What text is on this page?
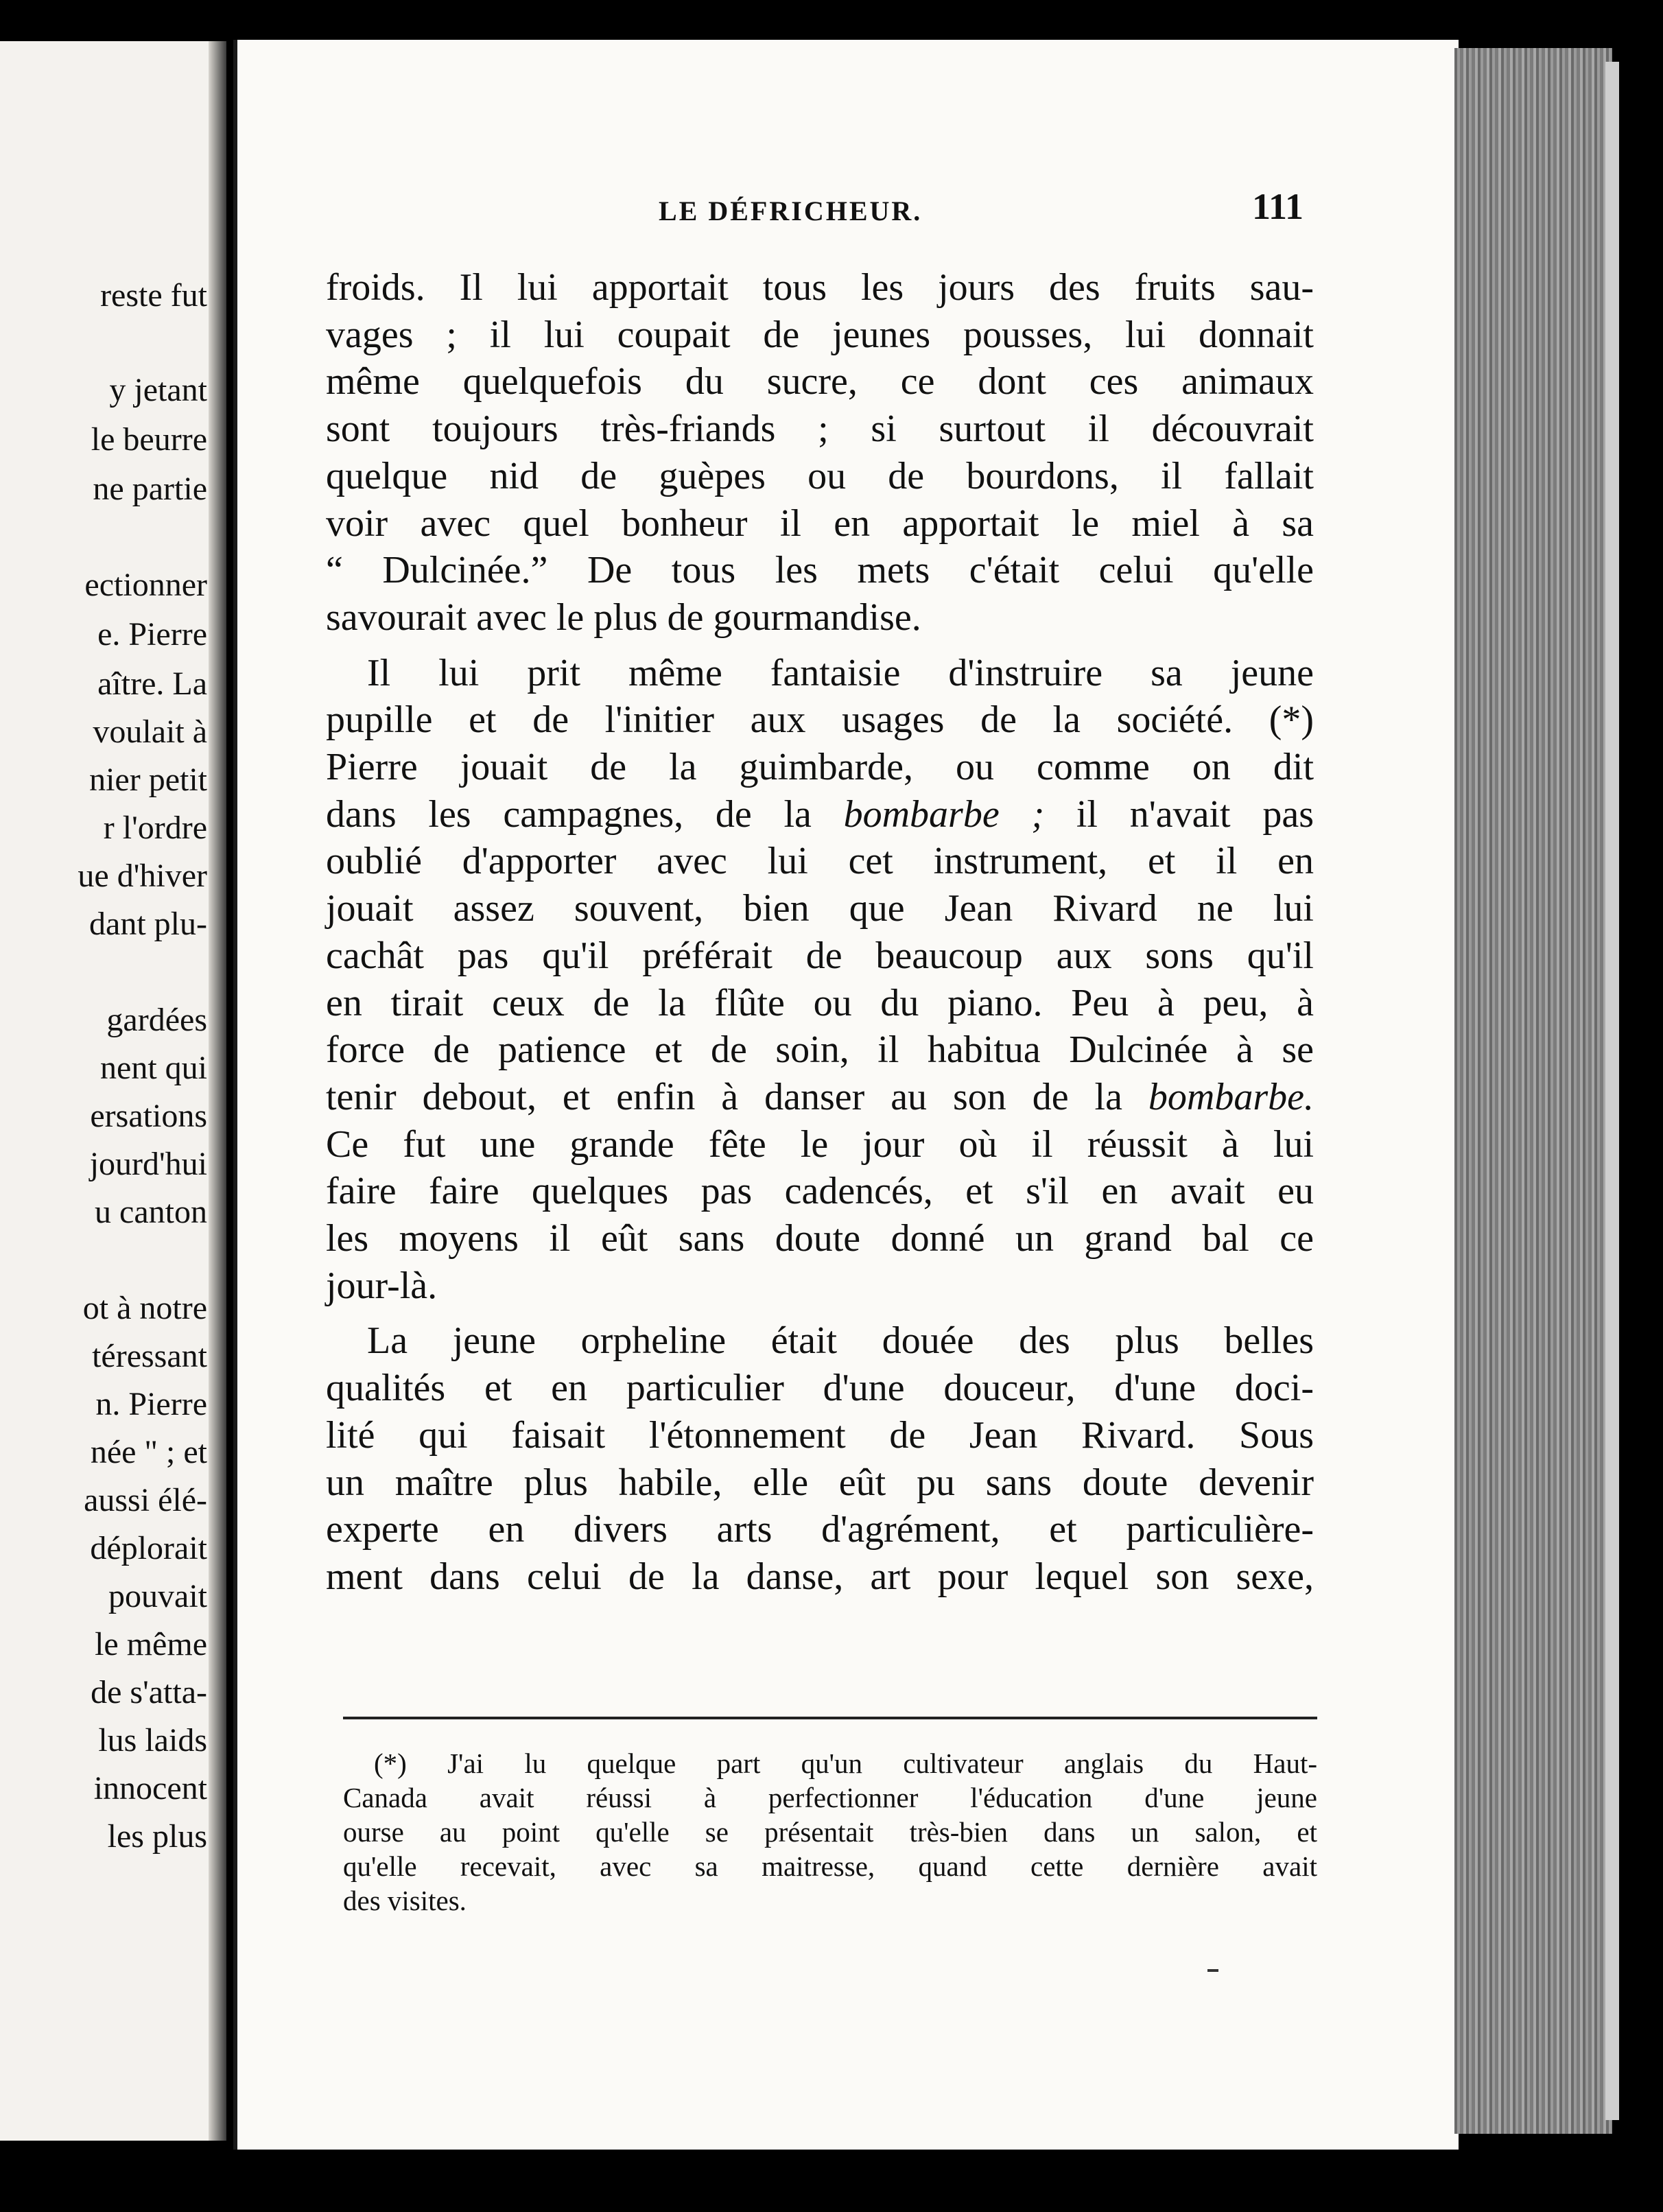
reste fut
y jetant
le beurre
ne partie
ectionner
e. Pierre
aître. La
voulait à
nier petit
r l'ordre
ue d'hiver
dant plu-
gardées
nent qui
ersations
jourd'hui
u canton
ot à notre
téressant
n. Pierre
née " ; et
aussi élé-
déplorait
pouvait
le même
de s'atta-
lus laids
innocent
les plus
LE DÉFRICHEUR.	111
froids. Il lui apportait tous les jours des fruits sau-
vages ; il lui coupait de jeunes pousses, lui donnait
même quelquefois du sucre, ce dont ces animaux
sont toujours très-friands ; si surtout il découvrait
quelque nid de guèpes ou de bourdons, il fallait
voir avec quel bonheur il en apportait le miel à sa
“ Dulcinée.” De tous les mets c'était celui qu'elle
savourait avec le plus de gourmandise.
Il lui prit même fantaisie d'instruire sa jeune
pupille et de l'initier aux usages de la société. (*)
Pierre jouait de la guimbarde, ou comme on dit
dans les campagnes, de la bombarbe ; il n'avait pas
oublié d'apporter avec lui cet instrument, et il en
jouait assez souvent, bien que Jean Rivard ne lui
cachât pas qu'il préférait de beaucoup aux sons qu'il
en tirait ceux de la flûte ou du piano. Peu à peu, à
force de patience et de soin, il habitua Dulcinée à se
tenir debout, et enfin à danser au son de la bombarbe.
Ce fut une grande fête le jour où il réussit à lui
faire faire quelques pas cadencés, et s'il en avait eu
les moyens il eût sans doute donné un grand bal ce
jour-là.
La jeune orpheline était douée des plus belles
qualités et en particulier d'une douceur, d'une doci-
lité qui faisait l'étonnement de Jean Rivard. Sous
un maître plus habile, elle eût pu sans doute devenir
experte en divers arts d'agrément, et particulière-
ment dans celui de la danse, art pour lequel son sexe,
(*) J'ai lu quelque part qu'un cultivateur anglais du Haut-
Canada avait réussi à perfectionner l'éducation d'une jeune
ourse au point qu'elle se présentait très-bien dans un salon, et
qu'elle recevait, avec sa maitresse, quand cette dernière avait
des visites.
